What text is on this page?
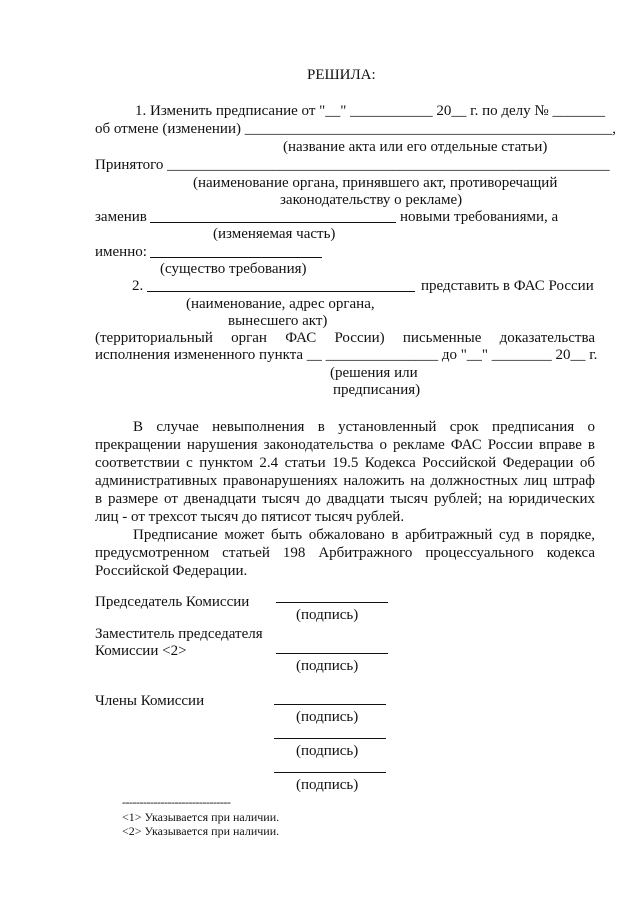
РЕШИЛА:
1. Изменить предписание от "__" ___________ 20__ г. по делу № _______
об отмене (изменении) _________________________________________________,
(название акта или его отдельные статьи)
Принятого ___________________________________________________________
(наименование органа, принявшего акт, противоречащий
законодательству о рекламе)
заменив	новыми требованиями, а
(изменяемая часть)
именно:
(существо требования)
2.	представить в ФАС России
(наименование, адрес органа,
вынесшего акт)
(территориальный орган ФАС России) письменные доказательства
исполнения измененного пункта __ _______________ до "__" ________ 20__ г.
(решения или
предписания)
В случае невыполнения в установленный срок предписания о
прекращении нарушения законодательства о рекламе ФАС России вправе в
соответствии с пунктом 2.4 статьи 19.5 Кодекса Российской Федерации об
административных правонарушениях наложить на должностных лиц штраф
в размере от двенадцати тысяч до двадцати тысяч рублей; на юридических
лиц - от трехсот тысяч до пятисот тысяч рублей.
Предписание может быть обжаловано в арбитражный суд в порядке,
предусмотренном статьей 198 Арбитражного процессуального кодекса
Российской Федерации.
Председатель Комиссии
(подпись)
Заместитель председателя
Комиссии <2>
(подпись)
Члены Комиссии
(подпись)
(подпись)
(подпись)
-------------------------------
<1> Указывается при наличии.
<2> Указывается при наличии.
